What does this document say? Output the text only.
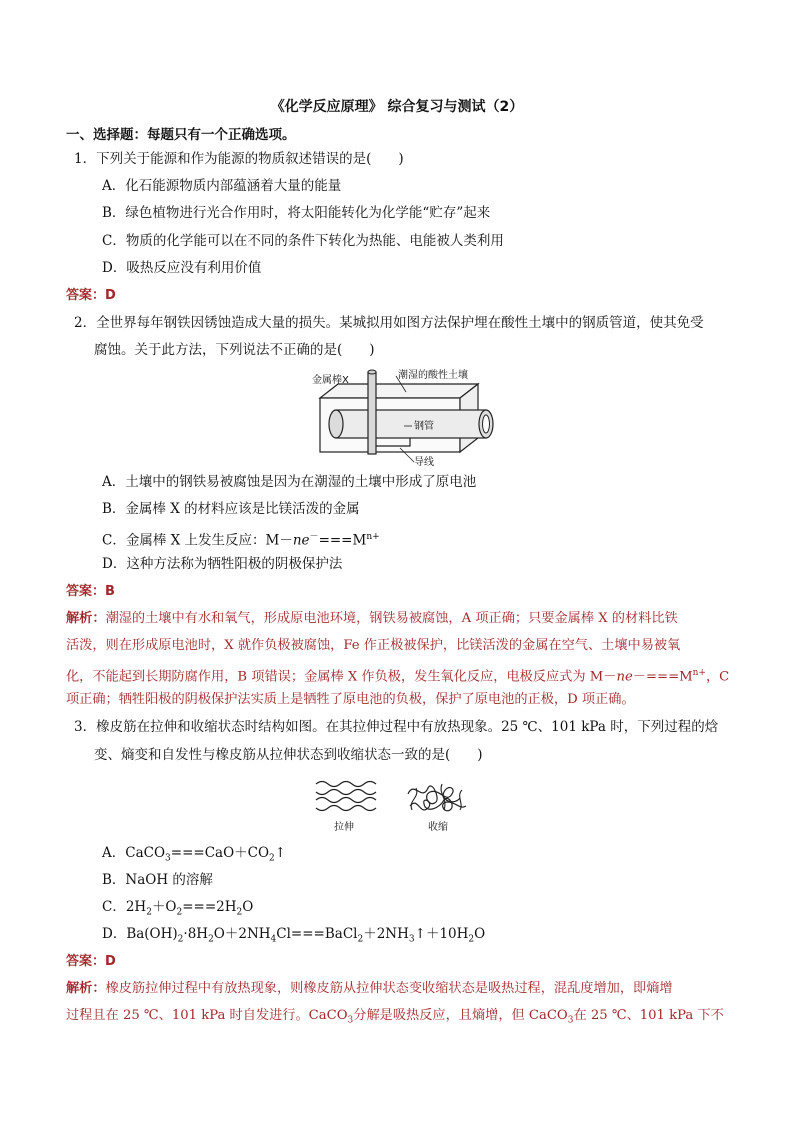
《化学反应原理》 综合复习与测试（2）
一、选择题：每题只有一个正确选项。
1．下列关于能源和作为能源的物质叙述错误的是(　　)
A．化石能源物质内部蕴涵着大量的能量
B．绿色植物进行光合作用时，将太阳能转化为化学能“贮存”起来
C．物质的化学能可以在不同的条件下转化为热能、电能被人类利用
D．吸热反应没有利用价值
答案：D
2．全世界每年钢铁因锈蚀造成大量的损失。某城拟用如图方法保护埋在酸性土壤中的钢质管道，使其免受
腐蚀。关于此方法，下列说法不正确的是(　　)
金属棒X	潮湿的酸性土壤
钢管
导线
A．土壤中的钢铁易被腐蚀是因为在潮湿的土壤中形成了原电池
B．金属棒 X 的材料应该是比镁活泼的金属
C．金属棒 X 上发生反应：$M-ne^-===M^{n+}$
D．这种方法称为牺牲阳极的阴极保护法
答案：B
解析：潮湿的土壤中有水和氧气，形成原电池环境，钢铁易被腐蚀，A 项正确；只要金属棒 X 的材料比铁
活泼，则在形成原电池时，X 就作负极被腐蚀，Fe 作正极被保护，比镁活泼的金属在空气、土壤中易被氧
化，不能起到长期防腐作用，B 项错误；金属棒 X 作负极，发生氧化反应，电极反应式为 $M-ne-===M^{n+}$，C
项正确；牺牲阳极的阴极保护法实质上是牺牲了原电池的负极，保护了原电池的正极，D 项正确。
3．橡皮筋在拉伸和收缩状态时结构如图。在其拉伸过程中有放热现象。25 ℃、101 kPa 时，下列过程的焓
变、熵变和自发性与橡皮筋从拉伸状态到收缩状态一致的是(　　)
拉伸	收缩
A．$CaCO_3===CaO+CO_2↑$
B．NaOH 的溶解
C．$2H_2+O_2===2H_2O$
D．$Ba(OH)_2\cdot 8H_2O+2NH_4Cl===BaCl_2+2NH_3↑+10H_2O$
答案：D
解析：橡皮筋拉伸过程中有放热现象，则橡皮筋从拉伸状态变收缩状态是吸热过程，混乱度增加，即熵增
过程且在 25 ℃、101 kPa 时自发进行。CaCO$_3$分解是吸热反应，且熵增，但 CaCO$_3$在 25 ℃、101 kPa 下不
